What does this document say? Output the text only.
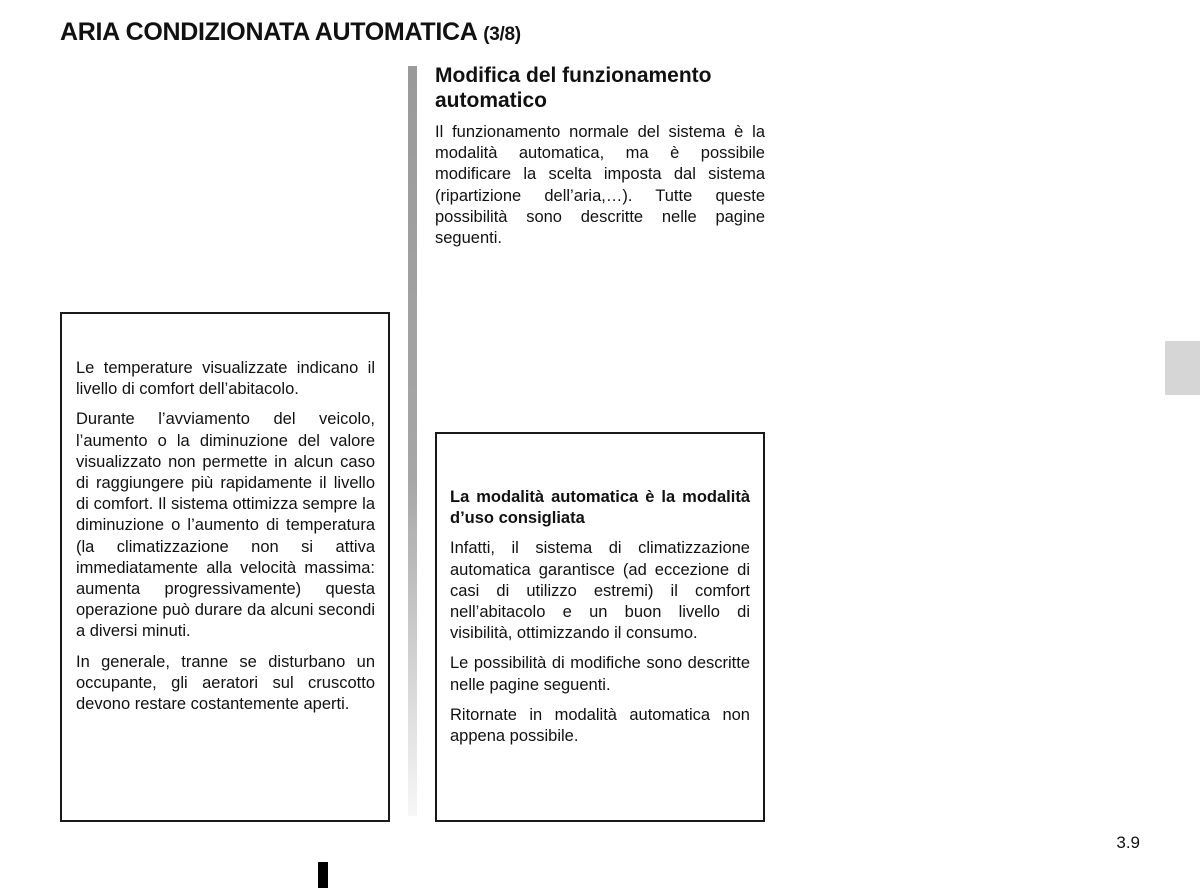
ARIA CONDIZIONATA AUTOMATICA (3/8)
Modifica del funzionamento automatico

Il funzionamento normale del sistema è la modalità automatica, ma è possibile modificare la scelta imposta dal sistema (ripartizione dell’aria,…). Tutte queste possibilità sono descritte nelle pagine seguenti.

Le temperature visualizzate indicano il livello di comfort dell’abitacolo.

Durante l’avviamento del veicolo, l’aumento o la diminuzione del valore visualizzato non permette in alcun caso di raggiungere più rapidamente il livello di comfort. Il sistema ottimizza sempre la diminuzione o l’aumento di temperatura (la climatizzazione non si attiva immediatamente alla velocità massima: aumenta progressivamente) questa operazione può durare da alcuni secondi a diversi minuti.

In generale, tranne se disturbano un occupante, gli aeratori sul cruscotto devono restare costantemente aperti.

La modalità automatica è la modalità d’uso consigliata

Infatti, il sistema di climatizzazione automatica garantisce (ad eccezione di casi di utilizzo estremi) il comfort nell’abitacolo e un buon livello di visibilità, ottimizzando il consumo.

Le possibilità di modifiche sono descritte nelle pagine seguenti.

Ritornate in modalità automatica non appena possibile.

3.9
